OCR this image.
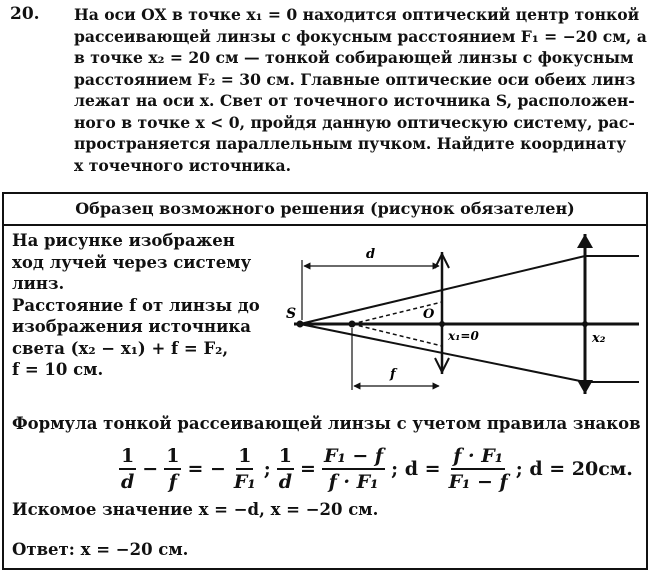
20. На оси OX в точке x₁ = 0 находится оптический центр тонкой

рассеивающей линзы с фокусным расстоянием F₁ = −20 см, а

в точке x₂ = 20 см — тонкой собирающей линзы с фокусным

расстоянием F₂ = 30 см. Главные оптические оси обеих линз

лежат на оси x. Свет от точечного источника S, расположен-

ного в точке x < 0, пройдя данную оптическую систему, рас-

пространяется параллельным пучком. Найдите координату

x точечного источника.

Образец возможного решения (рисунок обязателен)

На рисунке изображен

ход лучей через систему

линз.

Расстояние f от линзы до

изображения источника

света (x₂ − x₁) + f = F₂,

f = 10 см.

d
f
S	O
x₁=0	x₂
Формула тонкой рассеивающей линзы с учетом правила знаков
$\frac{1}{d} - \frac{1}{f}$ = − $\frac{1}{\text{F₁}}$ ; $\frac{1}{d} = \frac{\text{F₁ − f}}{\text{f · F₁}}$ ; $d = \frac{\text{f · F₁}}{\text{F₁ − f}}$ ; d = 20см.
Искомое значение x = −d, x = −20 см.
Ответ: x = −20 см.
